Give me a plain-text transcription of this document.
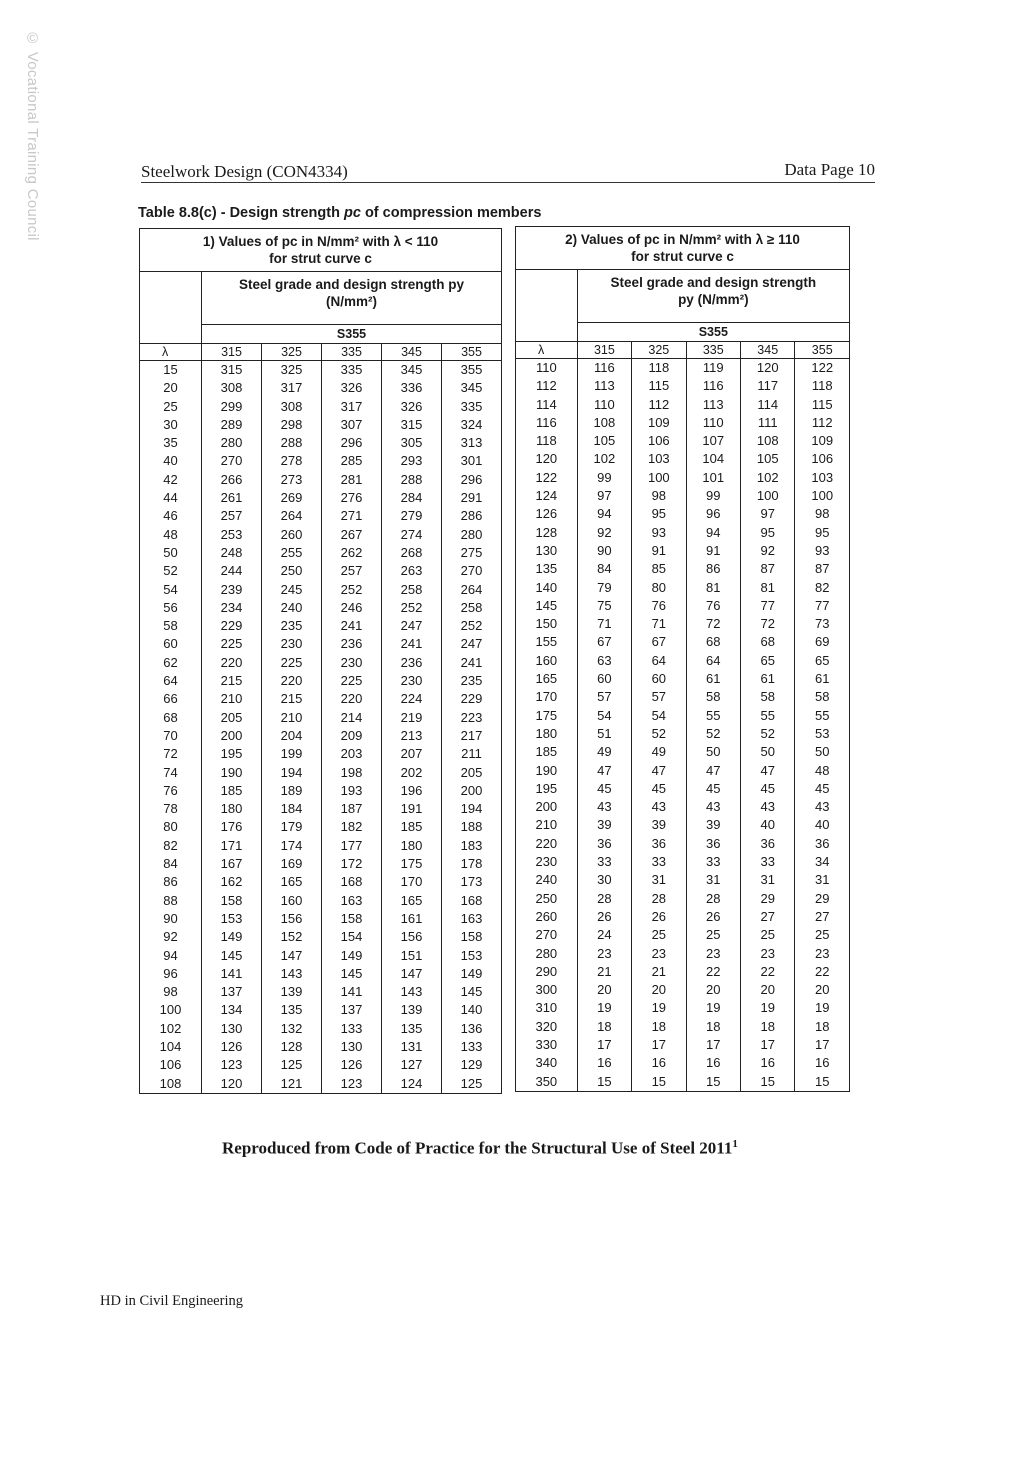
© Vocational Training Council	Steelwork Design (CON4334)	Data Page 10
Table 8.8(c) - Design strength pc of compression members
1) Values of pc in N/mm² with λ < 110
for strut curve c					

	Steel grade and design strength py
(N/mm²)				

	S355				
λ	315	325	335	345	355
15	315	325	335	345	355
20	308	317	326	336	345
25	299	308	317	326	335
30	289	298	307	315	324
35	280	288	296	305	313
40	270	278	285	293	301
42	266	273	281	288	296
44	261	269	276	284	291
46	257	264	271	279	286
48	253	260	267	274	280
50	248	255	262	268	275
52	244	250	257	263	270
54	239	245	252	258	264
56	234	240	246	252	258
58	229	235	241	247	252
60	225	230	236	241	247
62	220	225	230	236	241
64	215	220	225	230	235
66	210	215	220	224	229
68	205	210	214	219	223
70	200	204	209	213	217
72	195	199	203	207	211
74	190	194	198	202	205
76	185	189	193	196	200
78	180	184	187	191	194
80	176	179	182	185	188
82	171	174	177	180	183
84	167	169	172	175	178
86	162	165	168	170	173
88	158	160	163	165	168
90	153	156	158	161	163
92	149	152	154	156	158
94	145	147	149	151	153
96	141	143	145	147	149
98	137	139	141	143	145
100	134	135	137	139	140
102	130	132	133	135	136
104	126	128	130	131	133
106	123	125	126	127	129
108	120	121	123	124	125
2) Values of pc in N/mm² with λ ≥ 110
for strut curve c					

	Steel grade and design strength
py (N/mm²)				

	S355				
λ	315	325	335	345	355
110	116	118	119	120	122
112	113	115	116	117	118
114	110	112	113	114	115
116	108	109	110	111	112
118	105	106	107	108	109
120	102	103	104	105	106
122	99	100	101	102	103
124	97	98	99	100	100
126	94	95	96	97	98
128	92	93	94	95	95
130	90	91	91	92	93
135	84	85	86	87	87
140	79	80	81	81	82
145	75	76	76	77	77
150	71	71	72	72	73
155	67	67	68	68	69
160	63	64	64	65	65
165	60	60	61	61	61
170	57	57	58	58	58
175	54	54	55	55	55
180	51	52	52	52	53
185	49	49	50	50	50
190	47	47	47	47	48
195	45	45	45	45	45
200	43	43	43	43	43
210	39	39	39	40	40
220	36	36	36	36	36
230	33	33	33	33	34
240	30	31	31	31	31
250	28	28	28	29	29
260	26	26	26	27	27
270	24	25	25	25	25
280	23	23	23	23	23
290	21	21	22	22	22
300	20	20	20	20	20
310	19	19	19	19	19
320	18	18	18	18	18
330	17	17	17	17	17
340	16	16	16	16	16
350	15	15	15	15	15
Reproduced from Code of Practice for the Structural Use of Steel 2011$^1$
HD in Civil Engineering
